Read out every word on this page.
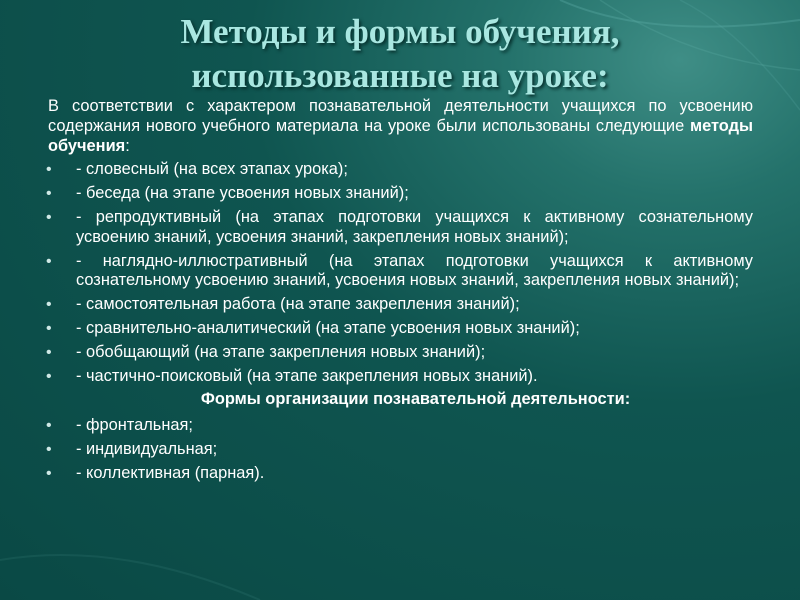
Методы и формы обучения,
использованные на уроке:

В соответствии с характером познавательной деятельности учащихся по усвоению содержания нового учебного материала на уроке были использованы следующие методы обучения:

• - словесный (на всех этапах урока);
• - беседа (на этапе усвоения новых знаний);
• - репродуктивный (на этапах подготовки учащихся к активному сознательному усвоению знаний, усвоения знаний, закрепления новых знаний);
• - наглядно-иллюстративный (на этапах подготовки учащихся к активному сознательному усвоению знаний, усвоения новых знаний, закрепления новых знаний);
• - самостоятельная работа (на этапе закрепления знаний);
• - сравнительно-аналитический (на этапе усвоения новых знаний);
• - обобщающий (на этапе закрепления новых знаний);
• - частично-поисковый (на этапе закрепления новых знаний).
Формы организации познавательной деятельности:
• - фронтальная;
• - индивидуальная;
• - коллективная (парная).
